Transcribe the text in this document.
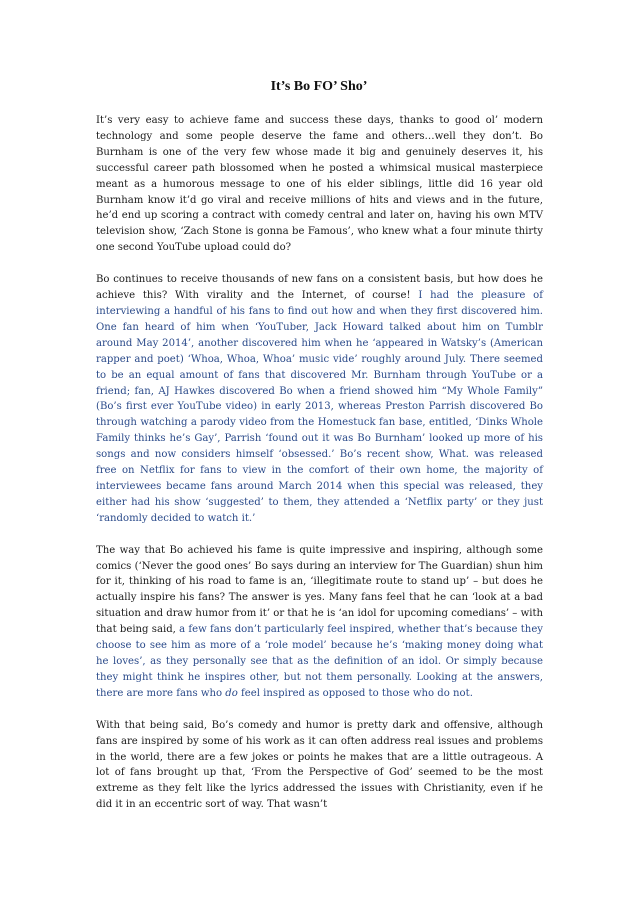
It’s Bo FO’ Sho’

It’s very easy to achieve fame and success these days, thanks to good ol’ modern technology and some people deserve the fame and others…well they don’t. Bo Burnham is one of the very few whose made it big and genuinely deserves it, his successful career path blossomed when he posted a whimsical musical masterpiece meant as a humorous message to one of his elder siblings, little did 16 year old Burnham know it’d go viral and receive millions of hits and views and in the future, he’d end up scoring a contract with comedy central and later on, having his own MTV television show, ‘Zach Stone is gonna be Famous’, who knew what a four minute thirty one second YouTube upload could do?

Bo continues to receive thousands of new fans on a consistent basis, but how does he achieve this? With virality and the Internet, of course! I had the pleasure of interviewing a handful of his fans to find out how and when they first discovered him. One fan heard of him when ‘YouTuber, Jack Howard talked about him on Tumblr around May 2014’, another discovered him when he ‘appeared in Watsky’s (American rapper and poet) ‘Whoa, Whoa, Whoa’ music vide’ roughly around July. There seemed to be an equal amount of fans that discovered Mr. Burnham through YouTube or a friend; fan, AJ Hawkes discovered Bo when a friend showed him “My Whole Family” (Bo’s first ever YouTube video) in early 2013, whereas Preston Parrish discovered Bo through watching a parody video from the Homestuck fan base, entitled, ‘Dinks Whole Family thinks he’s Gay’, Parrish ‘found out it was Bo Burnham’ looked up more of his songs and now considers himself ‘obsessed.’ Bo’s recent show, What. was released free on Netflix for fans to view in the comfort of their own home, the majority of interviewees became fans around March 2014 when this special was released, they either had his show ‘suggested’ to them, they attended a ‘Netflix party’ or they just ‘randomly decided to watch it.’

The way that Bo achieved his fame is quite impressive and inspiring, although some comics (‘Never the good ones’ Bo says during an interview for The Guardian) shun him for it, thinking of his road to fame is an, ‘illegitimate route to stand up’ – but does he actually inspire his fans? The answer is yes. Many fans feel that he can ‘look at a bad situation and draw humor from it’ or that he is ‘an idol for upcoming comedians’ – with that being said, a few fans don’t particularly feel inspired, whether that’s because they choose to see him as more of a ‘role model’ because he’s ‘making money doing what he loves’, as they personally see that as the definition of an idol. Or simply because they might think he inspires other, but not them personally. Looking at the answers, there are more fans who do feel inspired as opposed to those who do not.

With that being said, Bo’s comedy and humor is pretty dark and offensive, although fans are inspired by some of his work as it can often address real issues and problems in the world, there are a few jokes or points he makes that are a little outrageous. A lot of fans brought up that, ‘From the Perspective of God’ seemed to be the most extreme as they felt like the lyrics addressed the issues with Christianity, even if he did it in an eccentric sort of way. That wasn’t
